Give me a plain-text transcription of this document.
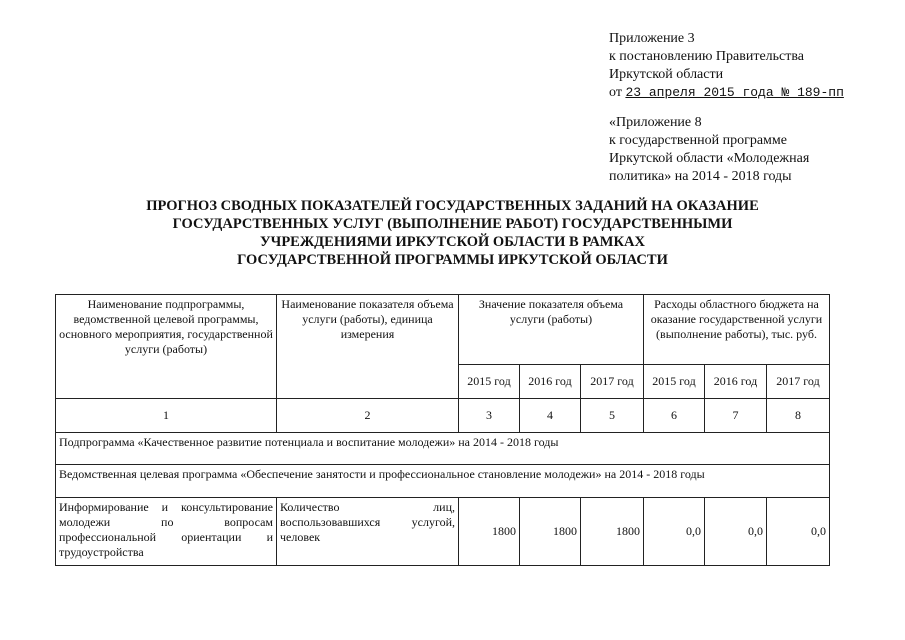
Приложение 3
к постановлению Правительства
Иркутской области
от 23 апреля 2015 года № 189-пп
«Приложение 8
к государственной программе
Иркутской области «Молодежная
политика» на 2014 - 2018 годы
ПРОГНОЗ СВОДНЫХ ПОКАЗАТЕЛЕЙ ГОСУДАРСТВЕННЫХ ЗАДАНИЙ НА ОКАЗАНИЕ
ГОСУДАРСТВЕННЫХ УСЛУГ (ВЫПОЛНЕНИЕ РАБОТ) ГОСУДАРСТВЕННЫМИ
УЧРЕЖДЕНИЯМИ ИРКУТСКОЙ ОБЛАСТИ В РАМКАХ
ГОСУДАРСТВЕННОЙ ПРОГРАММЫ ИРКУТСКОЙ ОБЛАСТИ
Наименование подпрограммы, ведомственной целевой программы, основного мероприятия, государственной услуги (работы)	Наименование показателя объема услуги (работы), единица измерения	Значение показателя объема услуги (работы)			Расходы областного бюджета на оказание государственной услуги (выполнение работы), тыс. руб.		
		2015 год	2016 год	2017 год	2015 год	2016 год	2017 год
1	2	3	4	5	6	7	8
Подпрограмма «Качественное развитие потенциала и воспитание молодежи» на 2014 - 2018 годы							
Ведомственная целевая программа «Обеспечение занятости и профессиональное становление молодежи» на 2014 - 2018 годы							
Информирование и консультирование молодежи по вопросам профессиональной ориентации и трудоустройства	Количество лиц, воспользовавшихся услугой, человек	1800	1800	1800	0,0	0,0	0,0
